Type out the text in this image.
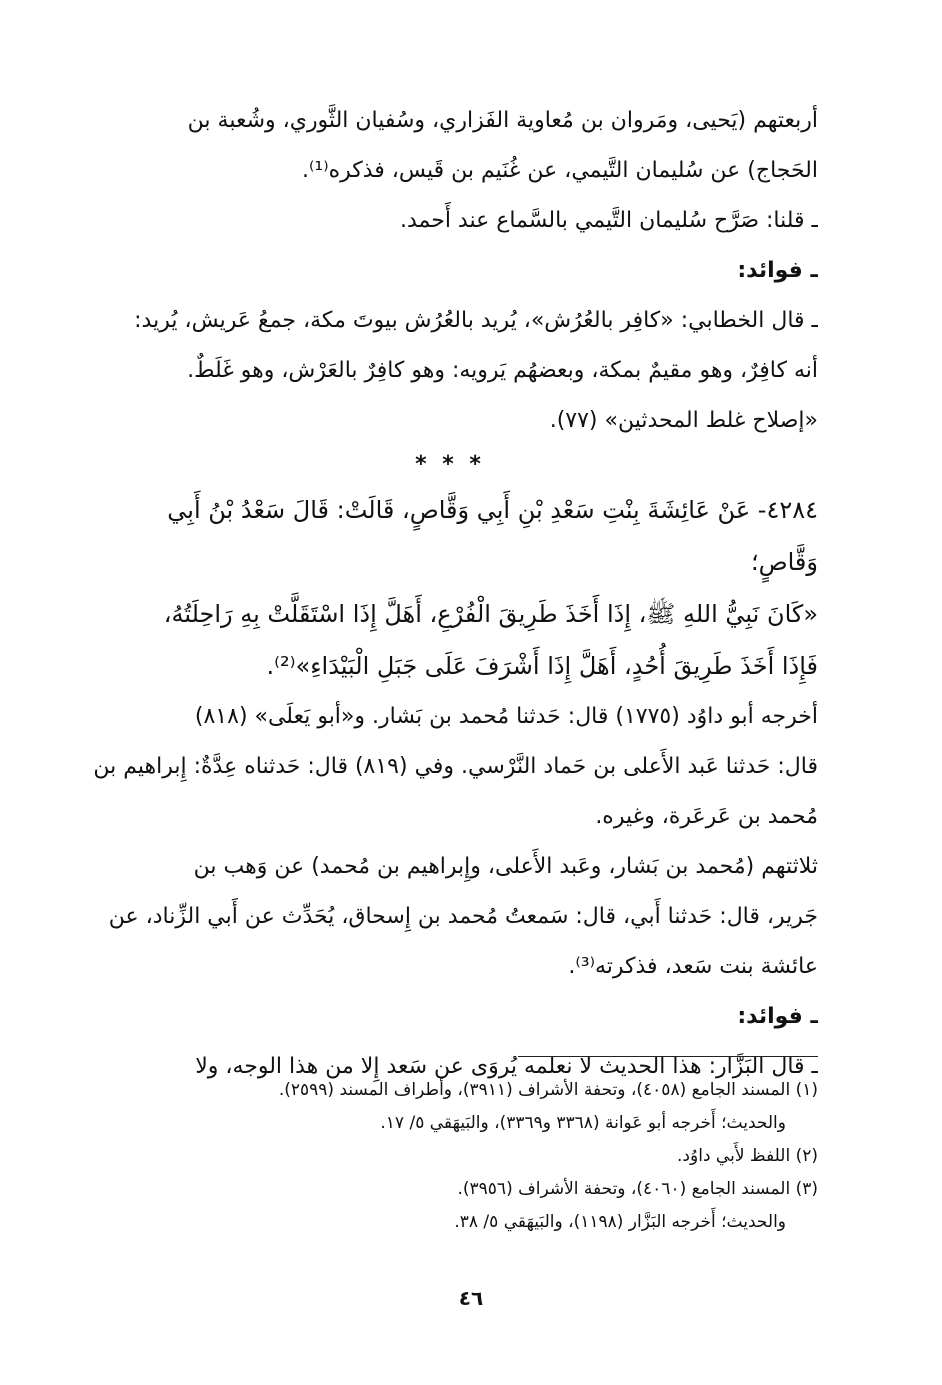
أربعتهم (يَحيى، ومَروان بن مُعاوية الفَزاري، وسُفيان الثَّوري، وشُعبة بن
الحَجاج) عن سُليمان التَّيمي، عن غُنَيم بن قَيس، فذكره⁽¹⁾.
ـ قلنا: صَرَّح سُليمان التَّيمي بالسَّماع عند أَحمد.
ـ فوائد:
ـ قال الخطابي: «كافِر بالعُرُش»، يُريد بالعُرُش بيوتَ مكة، جمعُ عَريش، يُريد:
أنه كافِرٌ، وهو مقيمٌ بمكة، وبعضهُم يَرويه: وهو كافِرٌ بالعَرْش، وهو غَلَطٌ.
«إصلاح غلط المحدثين» (٧٧).
* * *
٤٢٨٤- عَنْ عَائِشَةَ بِنْتِ سَعْدِ بْنِ أَبِي وَقَّاصٍ، قَالَتْ: قَالَ سَعْدُ بْنُ أَبِي
وَقَّاصٍ؛
«كَانَ نَبِيُّ اللهِ ﷺ، إِذَا أَخَذَ طَرِيقَ الْفُرْعِ، أَهَلَّ إِذَا اسْتَقَلَّتْ بِهِ رَاحِلَتُهُ،
فَإِذَا أَخَذَ طَرِيقَ أُحُدٍ، أَهَلَّ إِذَا أَشْرَفَ عَلَى جَبَلِ الْبَيْدَاءِ»⁽²⁾.
أخرجه أبو داوُد (١٧٧٥) قال: حَدثنا مُحمد بن بَشار. و«أبو يَعلَى» (٨١٨)
قال: حَدثنا عَبد الأَعلى بن حَماد النَّرْسي. وفي (٨١٩) قال: حَدثناه عِدَّةٌ: إِبراهيم بن
مُحمد بن عَرعَرة، وغيره.
ثلاثتهم (مُحمد بن بَشار، وعَبد الأَعلى، وإِبراهيم بن مُحمد) عن وَهب بن
جَرير، قال: حَدثنا أَبي، قال: سَمعتُ مُحمد بن إِسحاق، يُحَدِّث عن أَبي الزِّناد، عن
عائشة بنت سَعد، فذكرته⁽³⁾.
ـ فوائد:
ـ قال البَزَّار: هذا الحديث لا نعلمه يُروَى عن سَعد إِلا من هذا الوجه، ولا
(١) المسند الجامع (٤٠٥٨)، وتحفة الأشراف (٣٩١١)، وأطراف المسند (٢٥٩٩).
والحديث؛ أَخرجه أبو عَوانة (٣٣٦٨ و٣٣٦٩)، والبَيهَقي ٥/ ١٧.
(٢) اللفظ لأَبي داوُد.
(٣) المسند الجامع (٤٠٦٠)، وتحفة الأشراف (٣٩٥٦).
والحديث؛ أَخرجه البَزَّار (١١٩٨)، والبَيهَقي ٥/ ٣٨.
٤٦
